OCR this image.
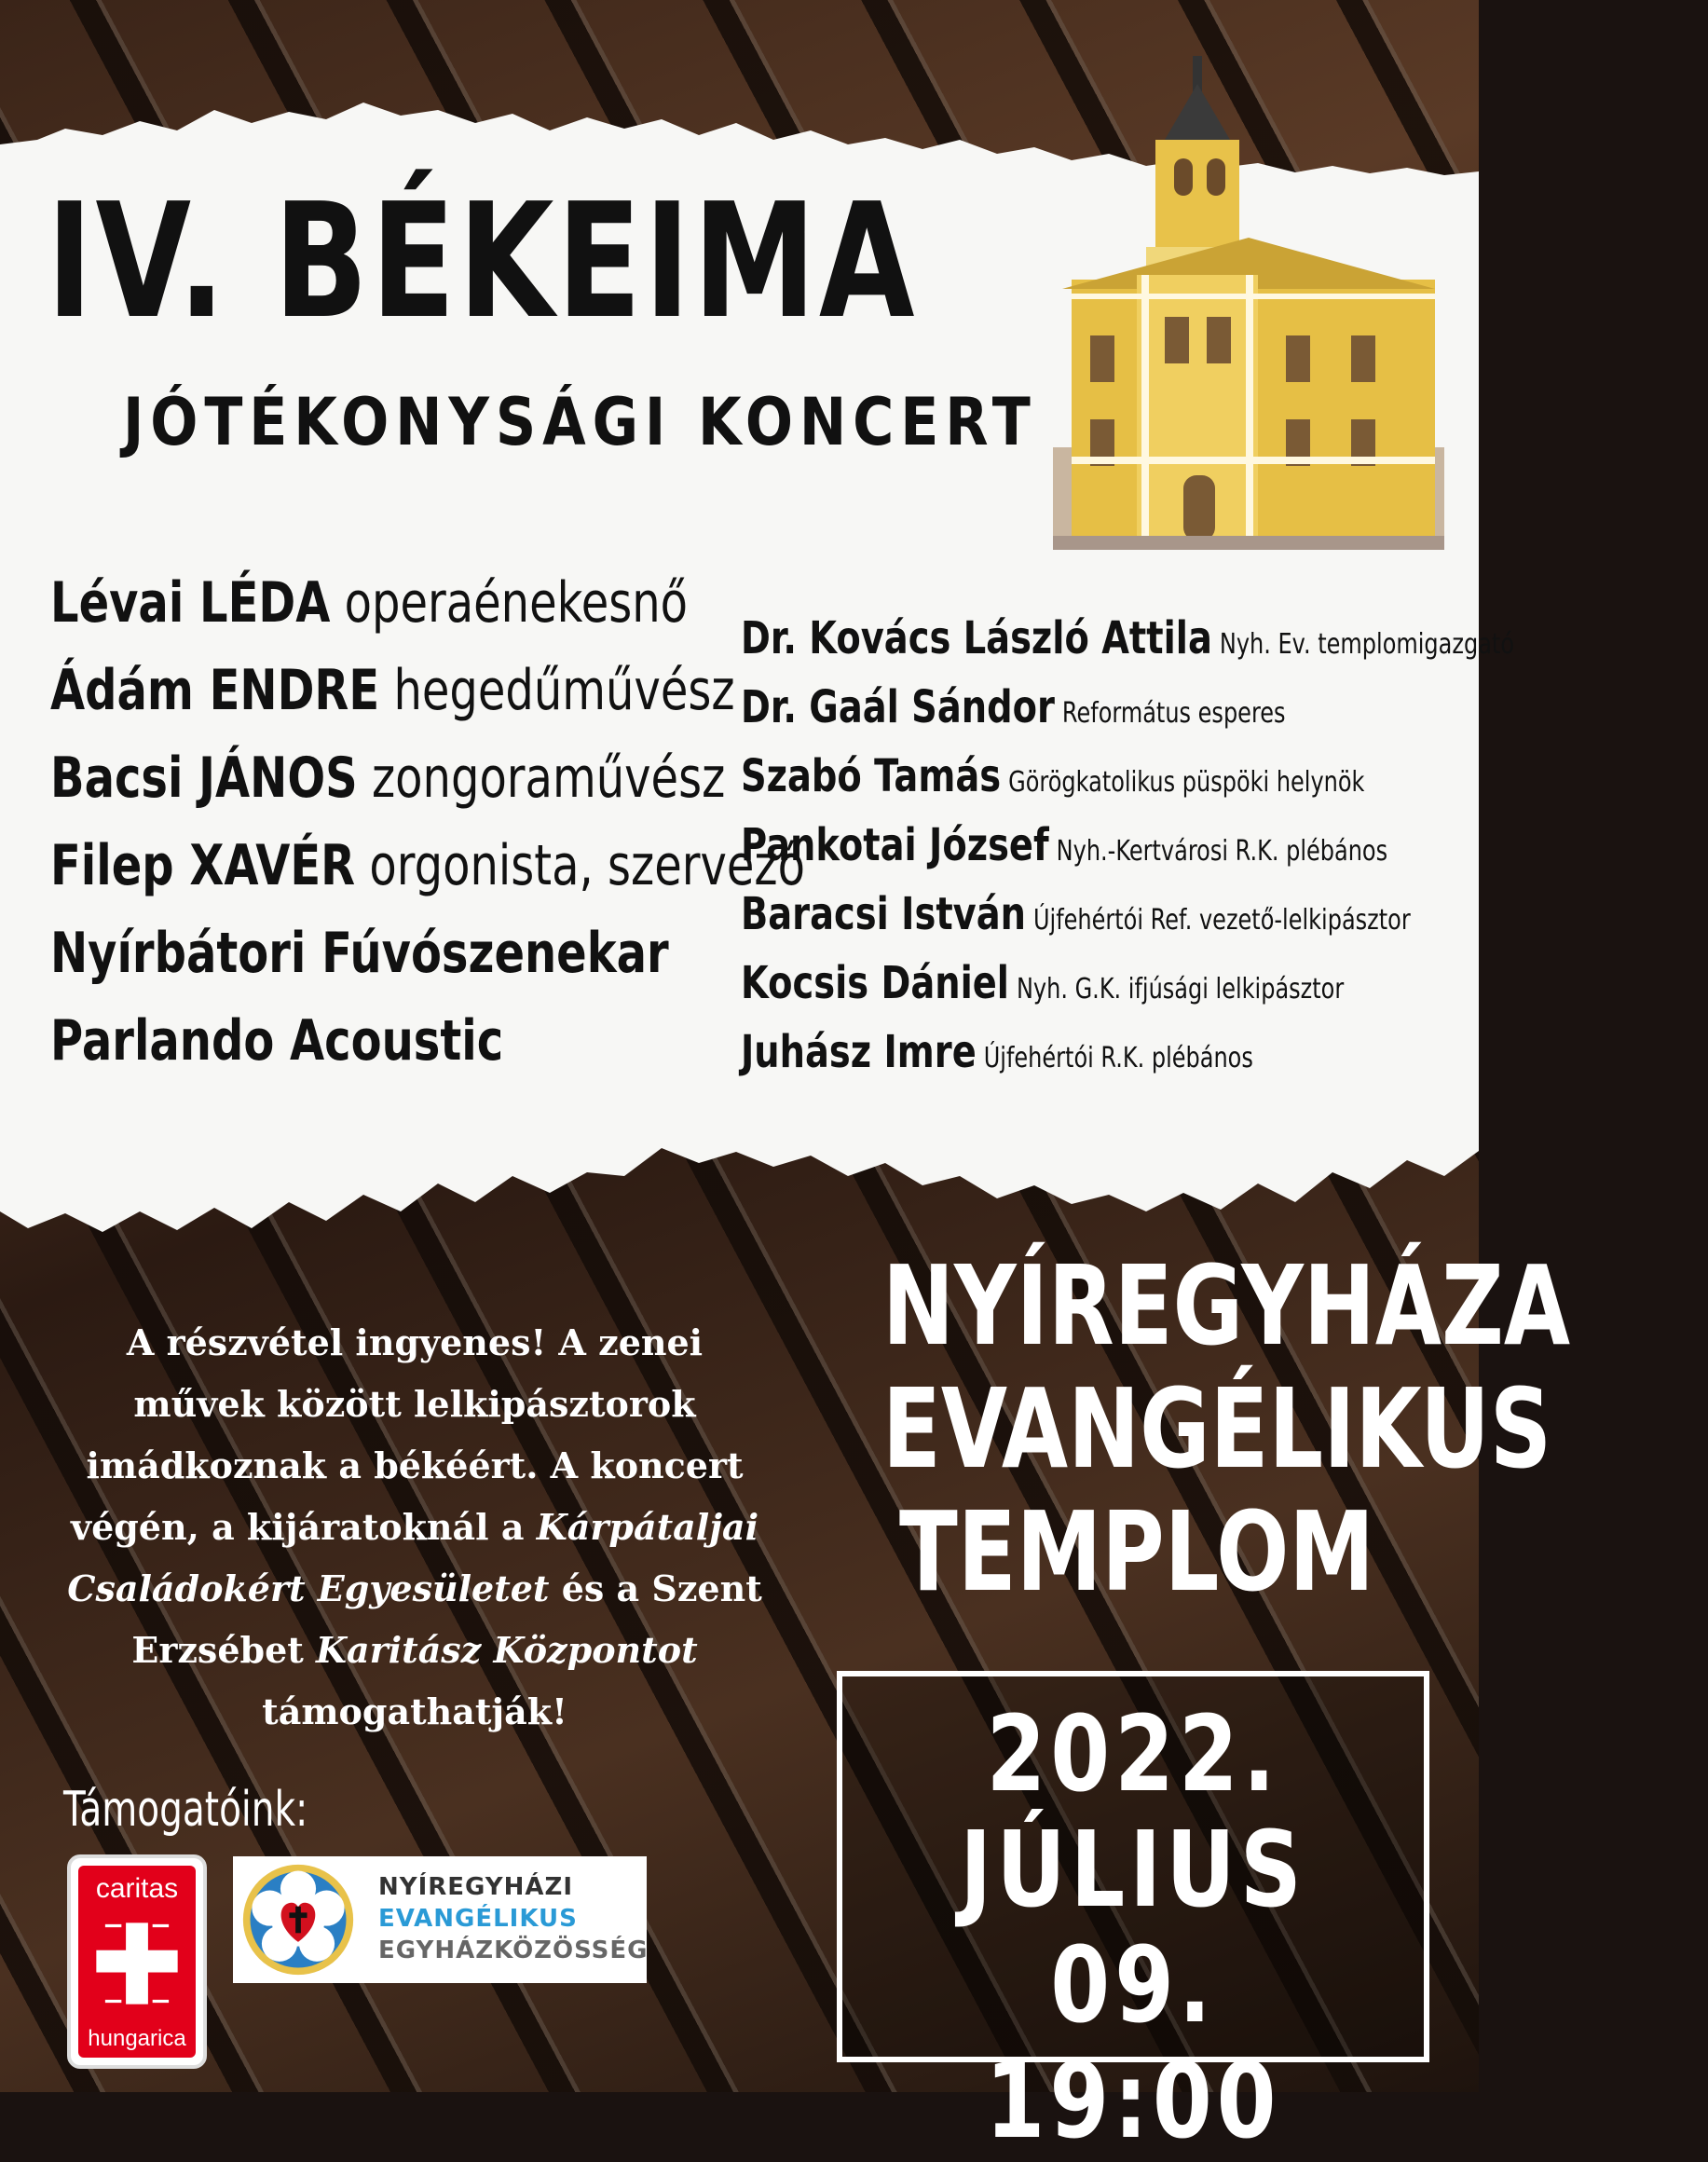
IV. BÉKEIMA
JÓTÉKONYSÁGI KONCERT
Lévai LÉDA operaénekesnő
Ádám ENDRE hegedűművész
Bacsi JÁNOS zongoraművész
Filep XAVÉR orgonista, szervező
Nyírbátori Fúvószenekar
Parlando Acoustic
Dr. Kovács László Attila Nyh. Ev. templomigazgató
Dr. Gaál Sándor Református esperes
Szabó Tamás Görögkatolikus püspöki helynök
Pankotai József Nyh.-Kertvárosi R.K. plébános
Baracsi István Újfehértói Ref. vezető-lelkipásztor
Kocsis Dániel Nyh. G.K. ifjúsági lelkipásztor
Juhász Imre Újfehértói R.K. plébános
A részvétel ingyenes! A zenei
művek között lelkipásztorok
imádkoznak a békéért. A koncert
végén, a kijáratoknál a Kárpátaljai
Családokért Egyesületet és a Szent
Erzsébet Karitász Központot
támogathatják!
NYÍREGYHÁZA
EVANGÉLIKUS
TEMPLOM
2022.
JÚLIUS 09.
19:00
Támogatóink:
caritas
hungarica
NYÍREGYHÁZI
EVANGÉLIKUS
EGYHÁZKÖZÖSSÉG
